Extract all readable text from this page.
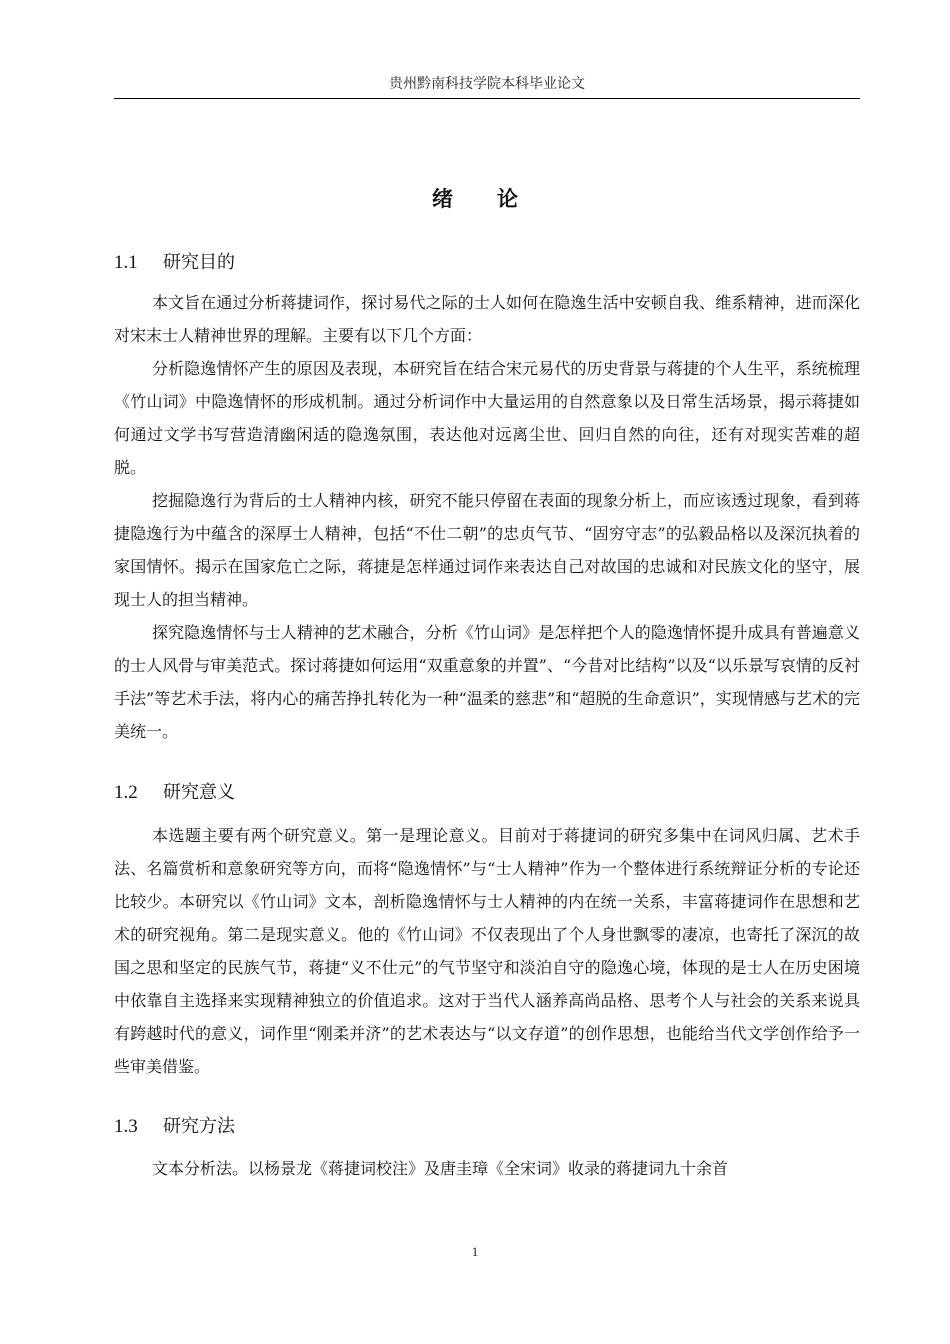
贵州黔南科技学院本科毕业论文
绪论
1.1	研究目的

本文旨在通过分析蒋捷词作，探讨易代之际的士人如何在隐逸生活中安顿自我、维系精神，进而深化对宋末士人精神世界的理解。主要有以下几个方面：

分析隐逸情怀产生的原因及表现，本研究旨在结合宋元易代的历史背景与蒋捷的个人生平，系统梳理《竹山词》中隐逸情怀的形成机制。通过分析词作中大量运用的自然意象以及日常生活场景，揭示蒋捷如何通过文学书写营造清幽闲适的隐逸氛围，表达他对远离尘世、回归自然的向往，还有对现实苦难的超脱。

挖掘隐逸行为背后的士人精神内核，研究不能只停留在表面的现象分析上，而应该透过现象，看到蒋捷隐逸行为中蕴含的深厚士人精神，包括“不仕二朝”的忠贞气节、“固穷守志”的弘毅品格以及深沉执着的家国情怀。揭示在国家危亡之际，蒋捷是怎样通过词作来表达自己对故国的忠诚和对民族文化的坚守，展现士人的担当精神。

探究隐逸情怀与士人精神的艺术融合，分析《竹山词》是怎样把个人的隐逸情怀提升成具有普遍意义的士人风骨与审美范式。探讨蒋捷如何运用“双重意象的并置”、“今昔对比结构”以及“以乐景写哀情的反衬手法”等艺术手法，将内心的痛苦挣扎转化为一种“温柔的慈悲”和“超脱的生命意识”，实现情感与艺术的完美统一。

1.2	研究意义

本选题主要有两个研究意义。第一是理论意义。目前对于蒋捷词的研究多集中在词风归属、艺术手法、名篇赏析和意象研究等方向，而将“隐逸情怀”与“士人精神”作为一个整体进行系统辩证分析的专论还比较少。本研究以《竹山词》文本，剖析隐逸情怀与士人精神的内在统一关系，丰富蒋捷词作在思想和艺术的研究视角。第二是现实意义。他的《竹山词》不仅表现出了个人身世飘零的凄凉，也寄托了深沉的故国之思和坚定的民族气节，蒋捷“义不仕元”的气节坚守和淡泊自守的隐逸心境，体现的是士人在历史困境中依靠自主选择来实现精神独立的价值追求。这对于当代人涵养高尚品格、思考个人与社会的关系来说具有跨越时代的意义，词作里“刚柔并济”的艺术表达与“以文存道”的创作思想，也能给当代文学创作给予一些审美借鉴。

1.3	研究方法

文本分析法。以杨景龙《蒋捷词校注》及唐圭璋《全宋词》收录的蒋捷词九十余首

1
